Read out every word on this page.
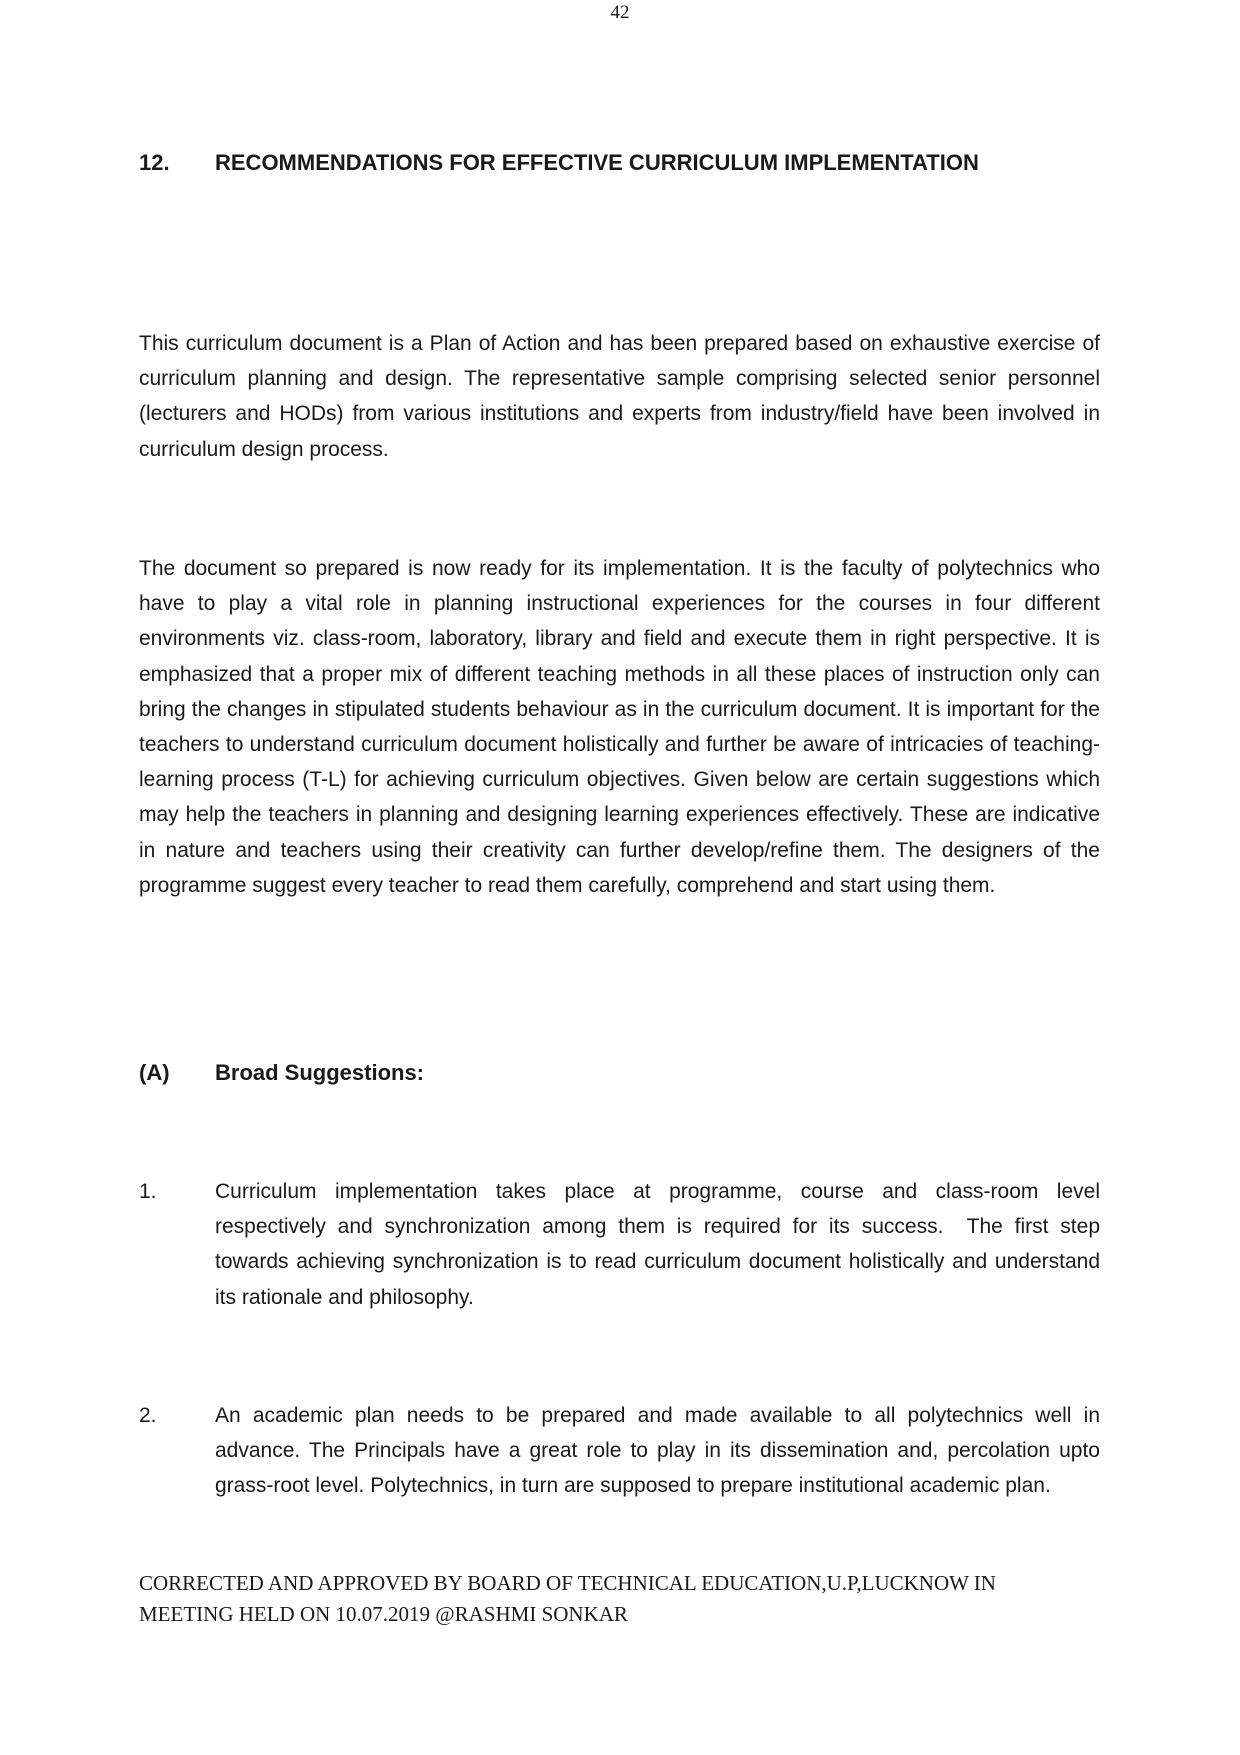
42
12. RECOMMENDATIONS FOR EFFECTIVE CURRICULUM IMPLEMENTATION

This curriculum document is a Plan of Action and has been prepared based on exhaustive exercise of curriculum planning and design. The representative sample comprising selected senior personnel (lecturers and HODs) from various institutions and experts from industry/field have been involved in curriculum design process.

The document so prepared is now ready for its implementation. It is the faculty of polytechnics who have to play a vital role in planning instructional experiences for the courses in four different environments viz. class-room, laboratory, library and field and execute them in right perspective. It is emphasized that a proper mix of different teaching methods in all these places of instruction only can bring the changes in stipulated students behaviour as in the curriculum document. It is important for the teachers to understand curriculum document holistically and further be aware of intricacies of teaching-learning process (T-L) for achieving curriculum objectives. Given below are certain suggestions which may help the teachers in planning and designing learning experiences effectively. These are indicative in nature and teachers using their creativity can further develop/refine them. The designers of the programme suggest every teacher to read them carefully, comprehend and start using them.

(A) Broad Suggestions:
1.	Curriculum implementation takes place at programme, course and class-room level respectively and synchronization among them is required for its success.  The first step              towards achieving synchronization is to read curriculum document holistically and understand its rationale and philosophy.
2.	An academic plan needs to be prepared and made available to all polytechnics well in advance. The Principals have a great role to play in its dissemination and, percolation upto grass-root level. Polytechnics, in turn are supposed to prepare institutional academic plan.
CORRECTED AND APPROVED BY BOARD OF TECHNICAL EDUCATION,U.P,LUCKNOW IN
MEETING HELD ON 10.07.2019 @RASHMI SONKAR
